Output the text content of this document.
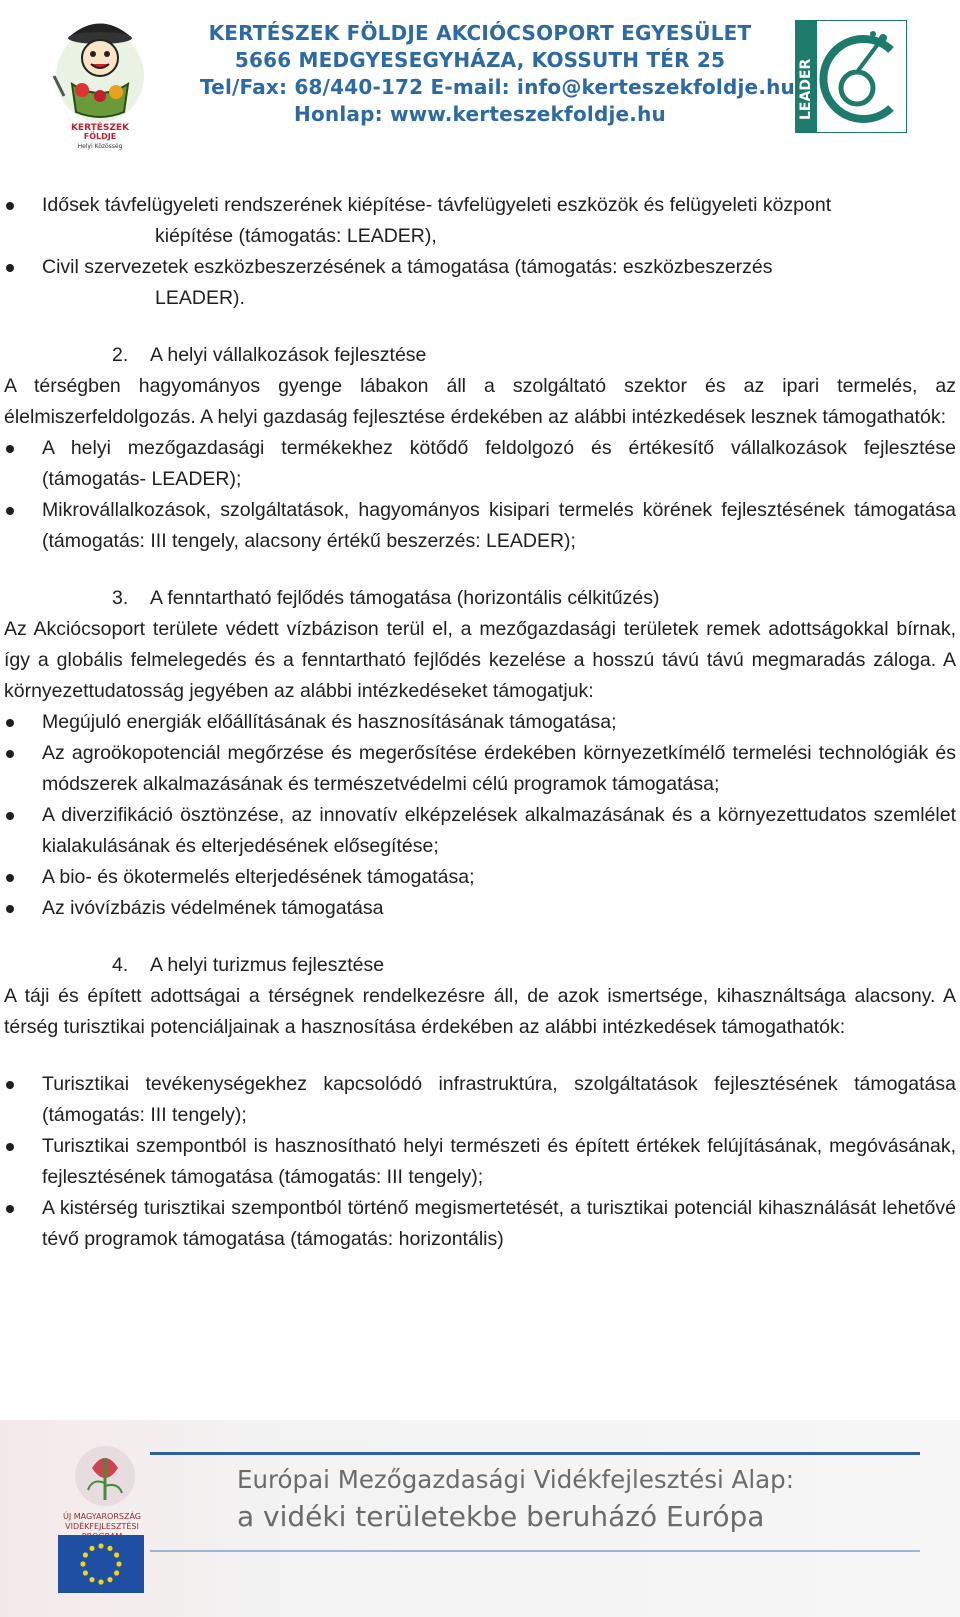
KERTÉSZEK
FÖLDJE
Helyi Közösség
KERTÉSZEK FÖLDJE AKCIÓCSOPORT EGYESÜLET
5666 MEDGYESEGYHÁZA, KOSSUTH TÉR 25
Tel/Fax: 68/440-172 E-mail: info@kerteszekfoldje.hu
Honlap: www.kerteszekfoldje.hu	LEADER
Idősek távfelügyeleti rendszerének kiépítése- távfelügyeleti eszközök és felügyeleti központ
kiépítése (támogatás: LEADER),
Civil szervezetek eszközbeszerzésének a támogatása (támogatás: eszközbeszerzés
LEADER).
2. A helyi vállalkozások fejlesztése
A térségben hagyományos gyenge lábakon áll a szolgáltató szektor és az ipari termelés, az élelmiszerfeldolgozás. A helyi gazdaság fejlesztése érdekében az alábbi intézkedések lesznek támogathatók:
A helyi mezőgazdasági termékekhez kötődő feldolgozó és értékesítő vállalkozások fejlesztése (támogatás- LEADER);
Mikrovállalkozások, szolgáltatások, hagyományos kisipari termelés körének fejlesztésének támogatása (támogatás: III tengely, alacsony értékű beszerzés: LEADER);
3. A fenntartható fejlődés támogatása (horizontális célkitűzés)
Az Akciócsoport területe védett vízbázison terül el, a mezőgazdasági területek remek adottságokkal bírnak, így a globális felmelegedés és a fenntartható fejlődés kezelése a hosszú távú távú megmaradás záloga. A környezettudatosság jegyében az alábbi intézkedéseket támogatjuk:
Megújuló energiák előállításának és hasznosításának támogatása;
Az agroökopotenciál megőrzése és megerősítése érdekében környezetkímélő termelési technológiák és módszerek alkalmazásának és természetvédelmi célú programok támogatása;
A diverzifikáció ösztönzése, az innovatív elképzelések alkalmazásának és a környezettudatos szemlélet kialakulásának és elterjedésének elősegítése;
A bio- és ökotermelés elterjedésének támogatása;
Az ivóvízbázis védelmének támogatása
4. A helyi turizmus fejlesztése
A táji és épített adottságai a térségnek rendelkezésre áll, de azok ismertsége, kihasználtsága alacsony. A térség turisztikai potenciáljainak a hasznosítása érdekében az alábbi intézkedések támogathatók:
Turisztikai tevékenységekhez kapcsolódó infrastruktúra, szolgáltatások fejlesztésének támogatása (támogatás: III tengely);
Turisztikai szempontból is hasznosítható helyi természeti és épített értékek felújításának, megóvásának, fejlesztésének támogatása (támogatás: III tengely);
A kistérség turisztikai szempontból történő megismertetését, a turisztikai potenciál kihasználását lehetővé tévő programok támogatása (támogatás: horizontális)
ÚJ MAGYARORSZÁG VIDÉKFEJLESZTÉSI
Európai Mezőgazdasági Vidékfejlesztési Alap:
a vidéki területekbe beruházó Európa
